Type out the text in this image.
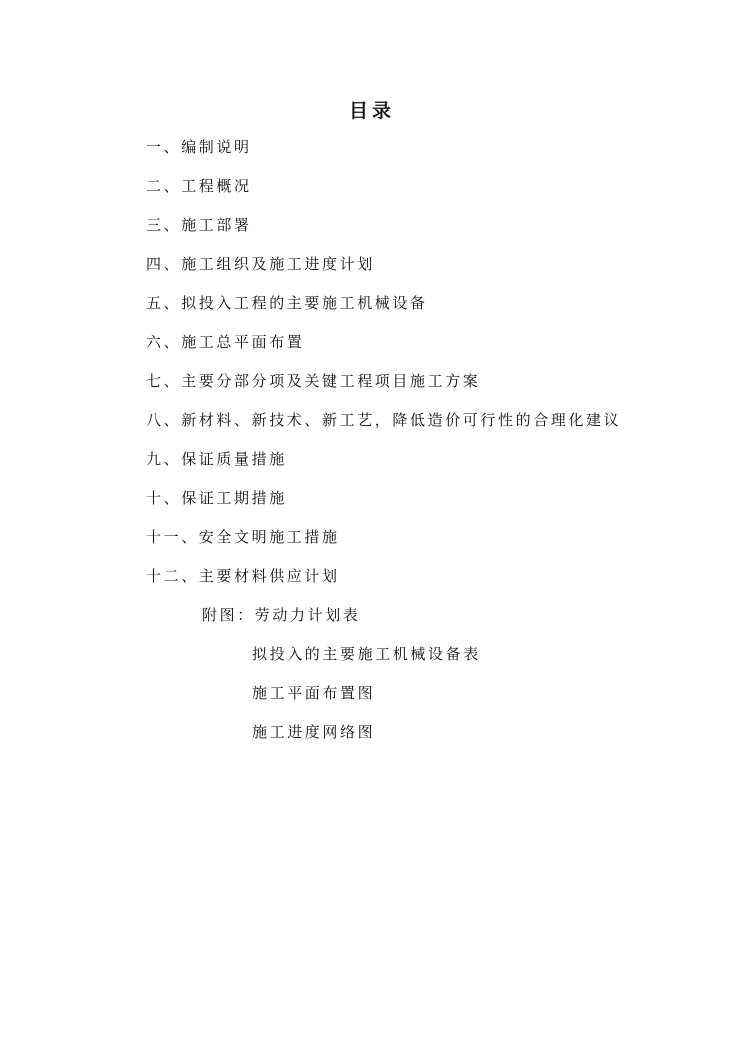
目录
一、编制说明
二、工程概况
三、施工部署
四、施工组织及施工进度计划
五、拟投入工程的主要施工机械设备
六、施工总平面布置
七、主要分部分项及关键工程项目施工方案
八、新材料、新技术、新工艺，降低造价可行性的合理化建议
九、保证质量措施
十、保证工期措施
十一、安全文明施工措施
十二、主要材料供应计划
附图：劳动力计划表
拟投入的主要施工机械设备表
施工平面布置图
施工进度网络图
